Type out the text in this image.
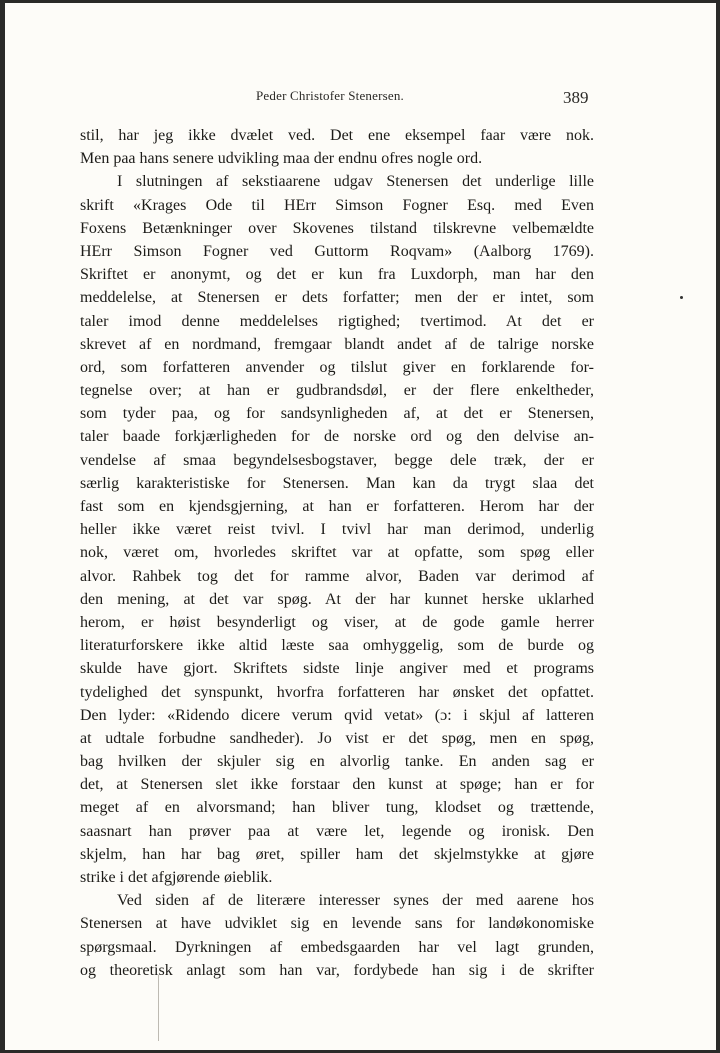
Peder Christofer Stenersen.	389
stil, har jeg ikke dvælet ved. Det ene eksempel faar være nok.
Men paa hans senere udvikling maa der endnu ofres nogle ord.
I slutningen af sekstiaarene udgav Stenersen det underlige lille
skrift «Krages Ode til HErr Simson Fogner Esq. med Even
Foxens Betænkninger over Skovenes tilstand tilskrevne velbemældte
HErr Simson Fogner ved Guttorm Roqvam» (Aalborg 1769).
Skriftet er anonymt, og det er kun fra Luxdorph, man har den
meddelelse, at Stenersen er dets forfatter; men der er intet, som
taler imod denne meddelelses rigtighed; tvertimod. At det er
skrevet af en nordmand, fremgaar blandt andet af de talrige norske
ord, som forfatteren anvender og tilslut giver en forklarende for-
tegnelse over; at han er gudbrandsdøl, er der flere enkeltheder,
som tyder paa, og for sandsynligheden af, at det er Stenersen,
taler baade forkjærligheden for de norske ord og den delvise an-
vendelse af smaa begyndelsesbogstaver, begge dele træk, der er
særlig karakteristiske for Stenersen. Man kan da trygt slaa det
fast som en kjendsgjerning, at han er forfatteren. Herom har der
heller ikke været reist tvivl. I tvivl har man derimod, underlig
nok, været om, hvorledes skriftet var at opfatte, som spøg eller
alvor. Rahbek tog det for ramme alvor, Baden var derimod af
den mening, at det var spøg. At der har kunnet herske uklarhed
herom, er høist besynderligt og viser, at de gode gamle herrer
literaturforskere ikke altid læste saa omhyggelig, som de burde og
skulde have gjort. Skriftets sidste linje angiver med et programs
tydelighed det synspunkt, hvorfra forfatteren har ønsket det opfattet.
Den lyder: «Ridendo dicere verum qvid vetat» (ɔ: i skjul af latteren
at udtale forbudne sandheder). Jo vist er det spøg, men en spøg,
bag hvilken der skjuler sig en alvorlig tanke. En anden sag er
det, at Stenersen slet ikke forstaar den kunst at spøge; han er for
meget af en alvorsmand; han bliver tung, klodset og trættende,
saasnart han prøver paa at være let, legende og ironisk. Den
skjelm, han har bag øret, spiller ham det skjelmstykke at gjøre
strike i det afgjørende øieblik.
Ved siden af de literære interesser synes der med aarene hos
Stenersen at have udviklet sig en levende sans for landøkonomiske
spørgsmaal. Dyrkningen af embedsgaarden har vel lagt grunden,
og theoretisk anlagt som han var, fordybede han sig i de skrifter
